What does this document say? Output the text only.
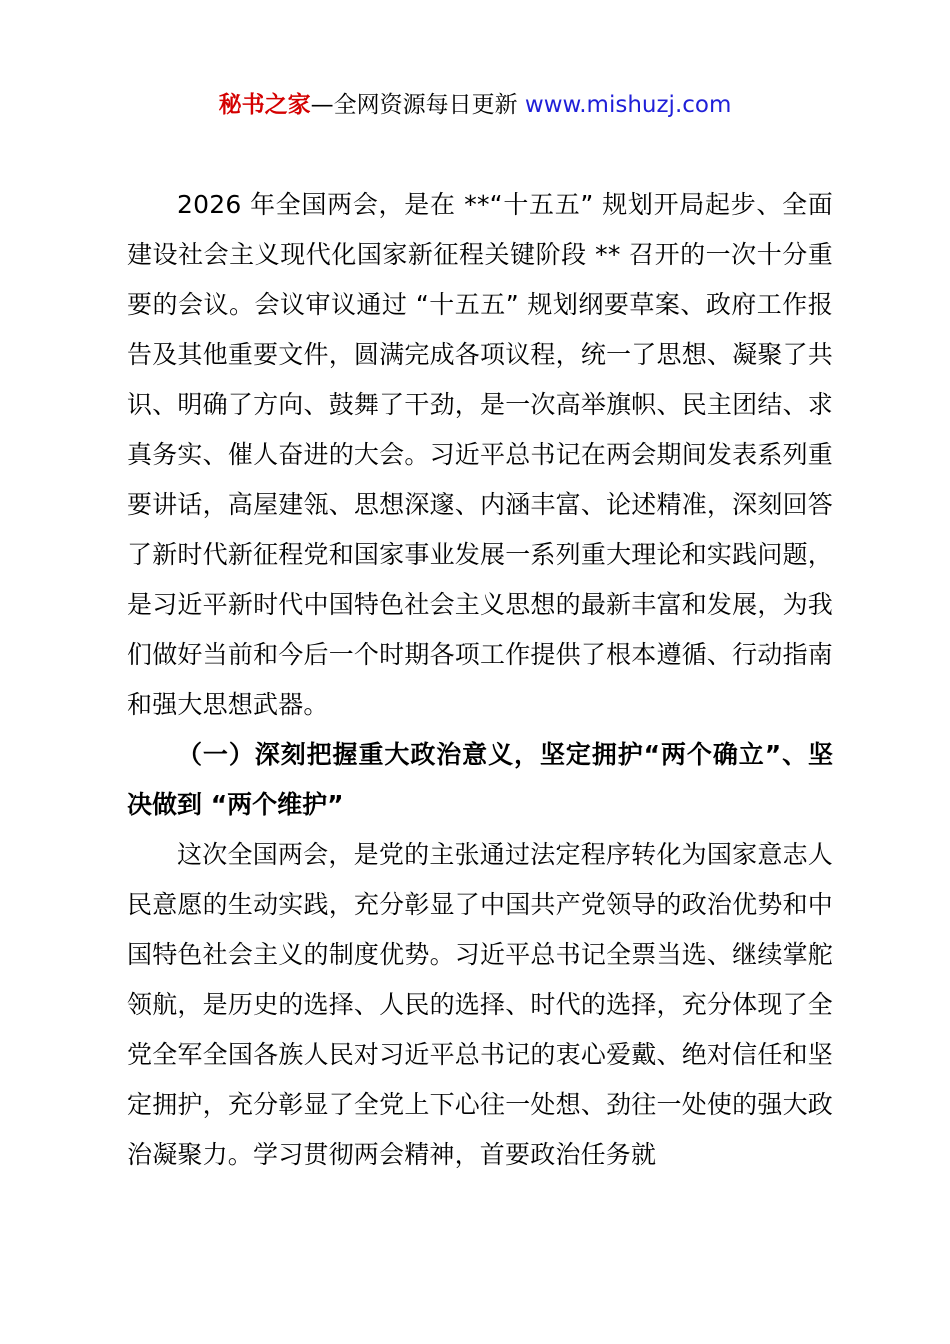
秘书之家—全网资源每日更新 www.mishuzj.com

2026 年全国两会，是在 **“十五五” 规划开局起步、全面建设社会主义现代化国家新征程关键阶段 ** 召开的一次十分重要的会议。会议审议通过 “十五五” 规划纲要草案、政府工作报告及其他重要文件，圆满完成各项议程，统一了思想、凝聚了共识、明确了方向、鼓舞了干劲，是一次高举旗帜、民主团结、求真务实、催人奋进的大会。习近平总书记在两会期间发表系列重要讲话，高屋建瓴、思想深邃、内涵丰富、论述精准，深刻回答了新时代新征程党和国家事业发展一系列重大理论和实践问题，是习近平新时代中国特色社会主义思想的最新丰富和发展，为我们做好当前和今后一个时期各项工作提供了根本遵循、行动指南和强大思想武器。

（一）深刻把握重大政治意义，坚定拥护“两个确立”、坚决做到 “两个维护”

这次全国两会，是党的主张通过法定程序转化为国家意志人民意愿的生动实践，充分彰显了中国共产党领导的政治优势和中国特色社会主义的制度优势。习近平总书记全票当选、继续掌舵领航，是历史的选择、人民的选择、时代的选择，充分体现了全党全军全国各族人民对习近平总书记的衷心爱戴、绝对信任和坚定拥护，充分彰显了全党上下心往一处想、劲往一处使的强大政治凝聚力。学习贯彻两会精神，首要政治任务就
